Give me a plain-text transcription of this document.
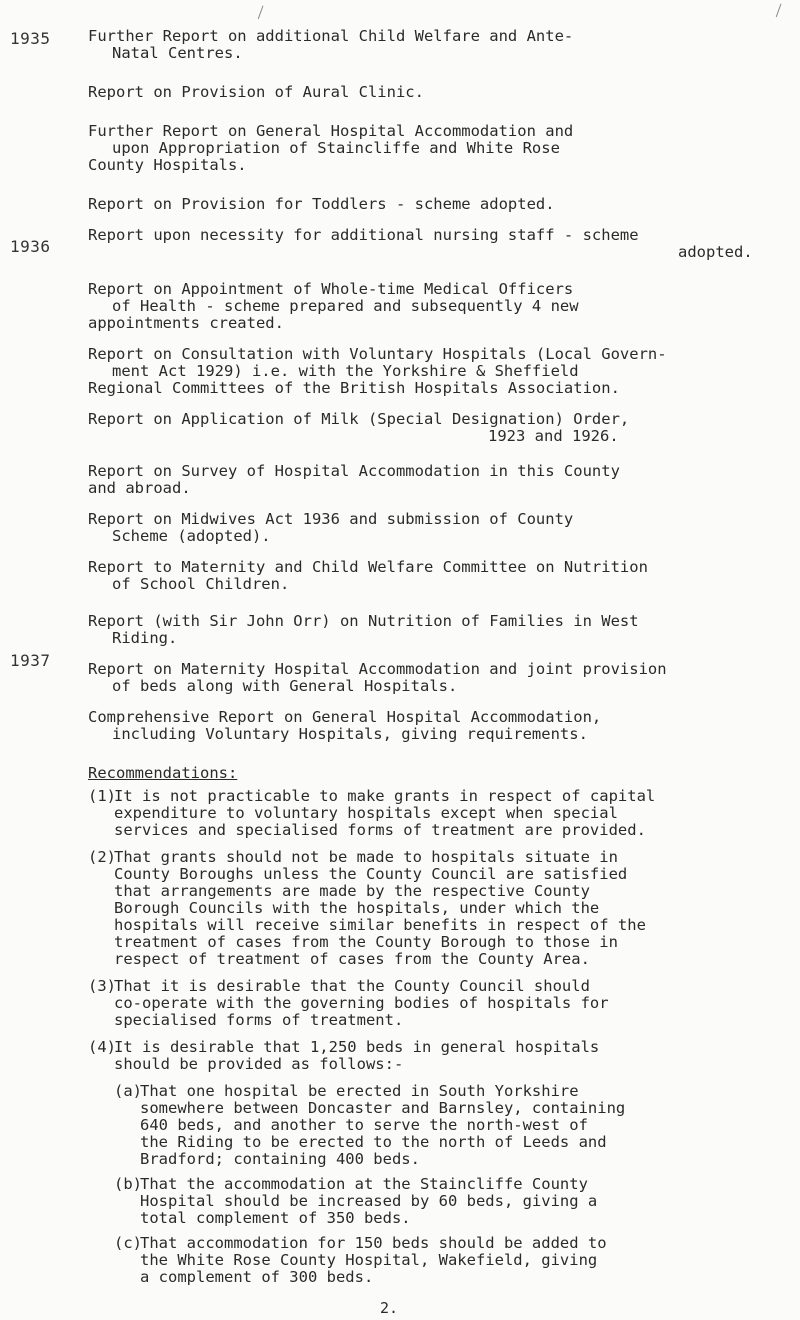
1935
1936
1937
Further Report on additional Child Welfare and Ante-
Natal Centres.
Report on Provision of Aural Clinic.
Further Report on General Hospital Accommodation and
upon Appropriation of Staincliffe and White Rose
County Hospitals.
Report on Provision for Toddlers - scheme adopted.
Report upon necessity for additional nursing staff - scheme
adopted.
Report on Appointment of Whole-time Medical Officers
of Health - scheme prepared and subsequently 4 new
appointments created.
Report on Consultation with Voluntary Hospitals (Local Govern-
ment Act 1929) i.e. with the Yorkshire & Sheffield
Regional Committees of the British Hospitals Association.
Report on Application of Milk (Special Designation) Order,
1923 and 1926.
Report on Survey of Hospital Accommodation in this County
and abroad.
Report on Midwives Act 1936 and submission of County
Scheme (adopted).
Report to Maternity and Child Welfare Committee on Nutrition
of School Children.
Report (with Sir John Orr) on Nutrition of Families in West
Riding.
Report on Maternity Hospital Accommodation and joint provision
of beds along with General Hospitals.
Comprehensive Report on General Hospital Accommodation,
including Voluntary Hospitals, giving requirements.
Recommendations:
(1)It is not practicable to make grants in respect of capital
expenditure to voluntary hospitals except when special
services and specialised forms of treatment are provided.
(2)That grants should not be made to hospitals situate in
County Boroughs unless the County Council are satisfied
that arrangements are made by the respective County
Borough Councils with the hospitals, under which the
hospitals will receive similar benefits in respect of the
treatment of cases from the County Borough to those in
respect of treatment of cases from the County Area.
(3)That it is desirable that the County Council should
co-operate with the governing bodies of hospitals for
specialised forms of treatment.
(4)It is desirable that 1,250 beds in general hospitals
should be provided as follows:-
(a)That one hospital be erected in South Yorkshire
somewhere between Doncaster and Barnsley, containing
640 beds, and another to serve the north-west of
the Riding to be erected to the north of Leeds and
Bradford; containing 400 beds.
(b)That the accommodation at the Staincliffe County
Hospital should be increased by 60 beds, giving a
total complement of 350 beds.
(c)That accommodation for 150 beds should be added to
the White Rose County Hospital, Wakefield, giving
a complement of 300 beds.
2.
